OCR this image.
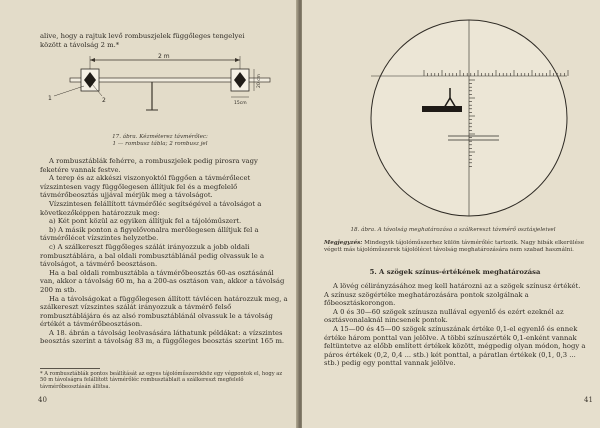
alive, hogy a rajtuk levő rombuszjelek függőleges tengelyei

között a távolság 2 m.*

2 m
1	2	15cm
20 cm
17. ábra. Kézméterez távmérőlec:
1 — rombusz tábla; 2 rombusz jel

A rombusztáblák fehérre, a rombuszjelek pedig pirosra vagy feketére vannak festve.

A terep és az akkészi viszonyoktól függően a távmérőlecet vízszintesen vagy függőlegesen állítjuk fel és a megfelelő távmérőbeosztás ujjával mérjük meg a távolságot.

Vízszintesen felállított távmérőléc segítségével a távolságot a következőképpen határozzuk meg:

a) Két pont közül az egyiken állítjuk fel a tájolóműszert.

b) A másik ponton a figyelővonalra merőlegesen állítjuk fel a távmérőlécet vízszintes helyzetbe.

c) A szálkereszt függőleges szálát irányozzuk a jobb oldali rombusztáblára, a bal oldali rombusztáblánál pedig olvassuk le a távolságot, a távmérő beosztáson.

Ha a bal oldali rombusztábla a távmérőbeosztás 60-as osztásánál van, akkor a távolság 60 m, ha a 200-as osztáson van, akkor a távolság 200 m stb.

Ha a távolságokat a függőlegesen állított távlécen határozzuk meg, a szálkereszt vízszintes szálát irányozzuk a távmérő felső rombusztáblájára és az alsó rombusztáblánál olvassuk le a távolság értékét a távmérőbeosztáson.

A 18. ábrán a távolság leolvasására láthatunk példákat: a vízszintes beosztás szerint a távolság 83 m, a függőleges beosztás szerint 165 m.

* A rombusztáblák pontos beállítását az egyes tájolóműszerekhöz egy végpontok el, hogy az 50 m távolságra felállított távmérőléc rombusztáblait a szálkereszt megfelelő távmérőbeosztásán állítsa.
40
18. ábra. A távolság meghatározása a szálkereszt távmérő osztásjeleivel
Megjegyzés: Mindegyik tájolóműszerhez külön távmérőléc tartozik. Nagy hibák elkerülése végett más tájolóműszerek tájolólécet távolság meghatározására nem szabad használni.
5. A szögek színus-értékének meghatározása

A lövég célirányzásához meg kell határozni az a szögek színusz értékét. A színusz szögértéke meghatározására pontok szolgálnak a főbeosztáskorongon.

A 0 és 30—60 szögek színusza nullával egyenlő és ezért ezeknél az osztásvonalaknál nincsenek pontok.

A 15—00 és 45—00 szögek színuszának értéke 0,1-el egyenlő és ennek értéke három ponttal van jelölve. A többi színuszérték 0,1-enként vannak feltüntetve az előbb említett értékek között, mégpedig olyan módon, hogy a páros értékek (0,2, 0,4 ... stb.) két ponttal, a páratlan értékek (0,1, 0,3 ... stb.) pedig egy ponttal vannak jelölve.

41
